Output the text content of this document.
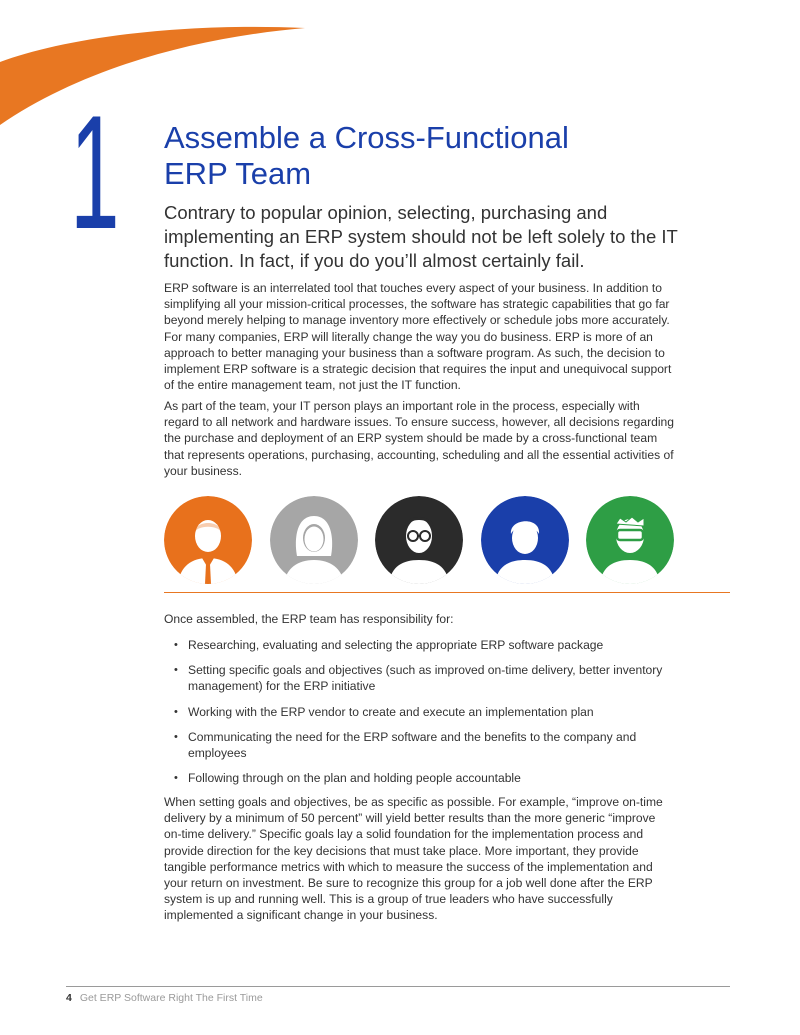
1 Assemble a Cross-Functional
ERP Team

Contrary to popular opinion, selecting, purchasing and implementing an ERP system should not be left solely to the IT function. In fact, if you do you’ll almost certainly fail.

ERP software is an interrelated tool that touches every aspect of your business. In addition to simplifying all your mission-critical processes, the software has strategic capabilities that go far beyond merely helping to manage inventory more effectively or schedule jobs more accurately. For many companies, ERP will literally change the way you do business. ERP is more of an approach to better managing your business than a software program. As such, the decision to implement ERP software is a strategic decision that requires the input and unequivocal support of the entire management team, not just the IT function.

As part of the team, your IT person plays an important role in the process, especially with regard to all network and hardware issues. To ensure success, however, all decisions regarding the purchase and deployment of an ERP system should be made by a cross-functional team that represents operations, purchasing, accounting, scheduling and all the essential activities of your business.

Once assembled, the ERP team has responsibility for:

• Researching, evaluating and selecting the appropriate ERP software package
• Setting specific goals and objectives (such as improved on-time delivery, better inventory management) for the ERP initiative
• Working with the ERP vendor to create and execute an implementation plan
• Communicating the need for the ERP software and the benefits to the company and employees
• Following through on the plan and holding people accountable

When setting goals and objectives, be as specific as possible. For example, “improve on-time delivery by a minimum of 50 percent” will yield better results than the more generic “improve on-time delivery.” Specific goals lay a solid foundation for the implementation process and provide direction for the key decisions that must take place. More important, they provide tangible performance metrics with which to measure the success of the implementation and your return on investment. Be sure to recognize this group for a job well done after the ERP system is up and running well. This is a group of true leaders who have successfully implemented a significant change in your business.

4 Get ERP Software Right The First Time
